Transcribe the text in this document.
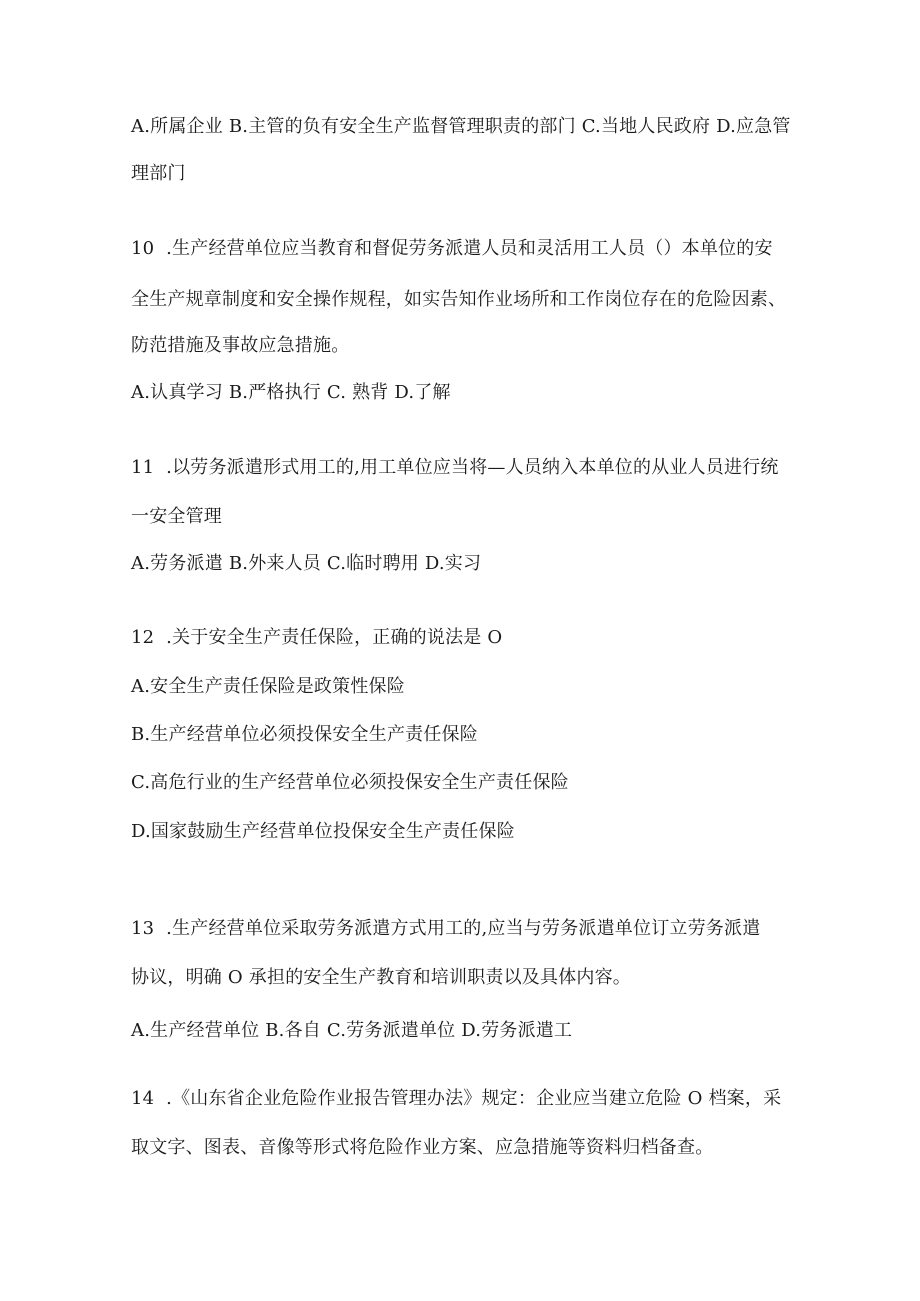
A.所属企业 B.主管的负有安全生产监督管理职责的部门 C.当地人民政府 D.应急管
理部门
10  .生产经营单位应当教育和督促劳务派遣人员和灵活用工人员（）本单位的安
全生产规章制度和安全操作规程，如实告知作业场所和工作岗位存在的危险因素、
防范措施及事故应急措施。
A.认真学习 B.严格执行 C. 熟背 D.了解
11  .以劳务派遣形式用工的,用工单位应当将—人员纳入本单位的从业人员进行统
一安全管理
A.劳务派遣 B.外来人员 C.临时聘用 D.实习
12  .关于安全生产责任保险，正确的说法是 O
A.安全生产责任保险是政策性保险
B.生产经营单位必须投保安全生产责任保险
C.高危行业的生产经营单位必须投保安全生产责任保险
D.国家鼓励生产经营单位投保安全生产责任保险
13  .生产经营单位采取劳务派遣方式用工的,应当与劳务派遣单位订立劳务派遣
协议，明确 O 承担的安全生产教育和培训职责以及具体内容。
A.生产经营单位 B.各自 C.劳务派遣单位 D.劳务派遣工
14  .《山东省企业危险作业报告管理办法》规定：企业应当建立危险 O 档案，采
取文字、图表、音像等形式将危险作业方案、应急措施等资料归档备查。
